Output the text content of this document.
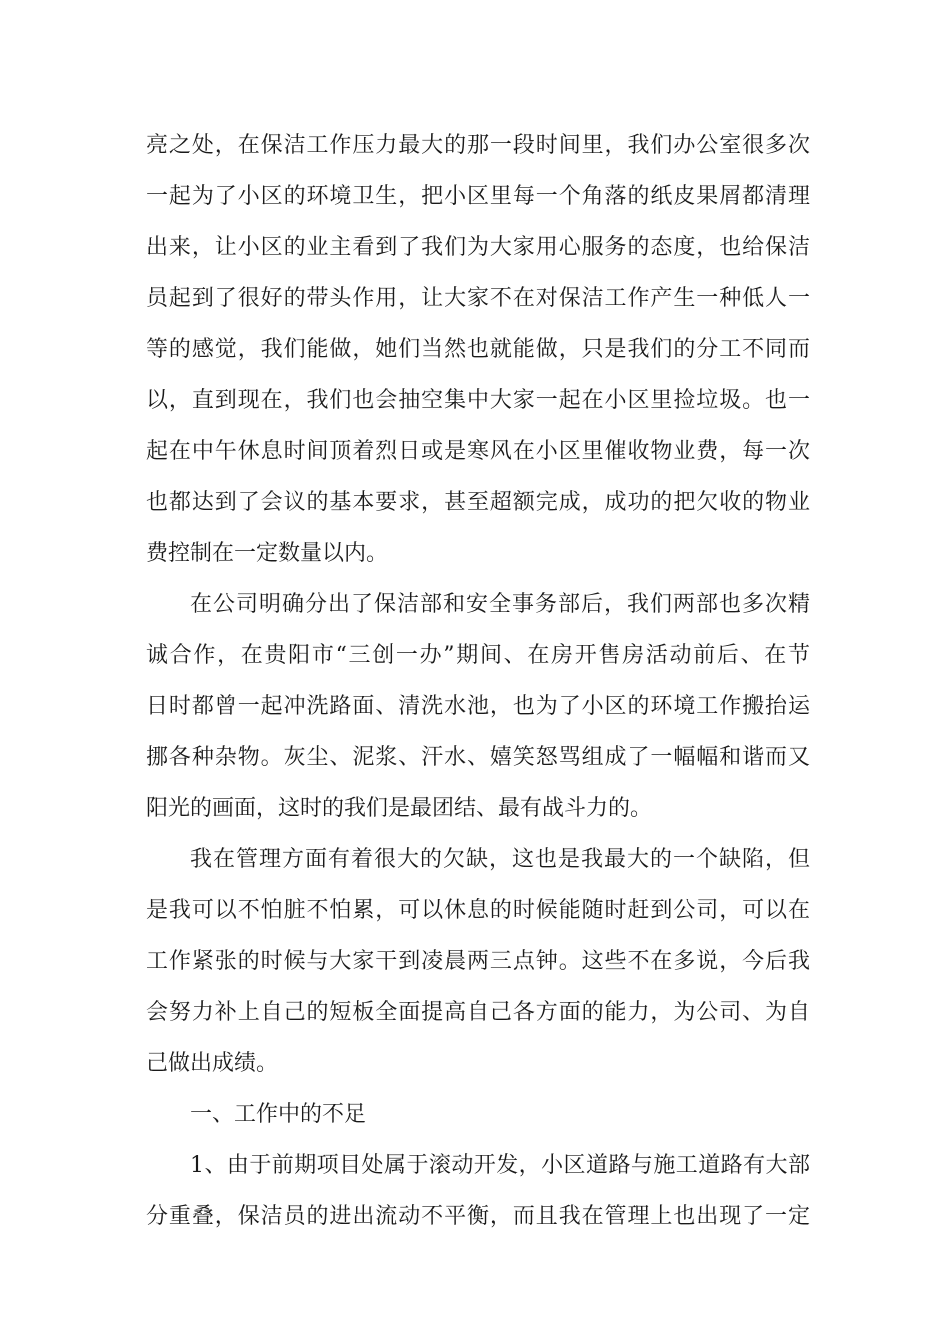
亮之处，在保洁工作压力最大的那一段时间里，我们办公室很多次
一起为了小区的环境卫生，把小区里每一个角落的纸皮果屑都清理
出来，让小区的业主看到了我们为大家用心服务的态度，也给保洁
员起到了很好的带头作用，让大家不在对保洁工作产生一种低人一
等的感觉，我们能做，她们当然也就能做，只是我们的分工不同而
以，直到现在，我们也会抽空集中大家一起在小区里捡垃圾。也一
起在中午休息时间顶着烈日或是寒风在小区里催收物业费，每一次
也都达到了会议的基本要求，甚至超额完成，成功的把欠收的物业
费控制在一定数量以内。
在公司明确分出了保洁部和安全事务部后，我们两部也多次精
诚合作，在贵阳市“三创一办”期间、在房开售房活动前后、在节
日时都曾一起冲洗路面、清洗水池，也为了小区的环境工作搬抬运
挪各种杂物。灰尘、泥浆、汗水、嬉笑怒骂组成了一幅幅和谐而又
阳光的画面，这时的我们是最团结、最有战斗力的。
我在管理方面有着很大的欠缺，这也是我最大的一个缺陷，但
是我可以不怕脏不怕累，可以休息的时候能随时赶到公司，可以在
工作紧张的时候与大家干到凌晨两三点钟。这些不在多说，今后我
会努力补上自己的短板全面提高自己各方面的能力，为公司、为自
己做出成绩。
一、工作中的不足
1、由于前期项目处属于滚动开发，小区道路与施工道路有大部
分重叠，保洁员的进出流动不平衡，而且我在管理上也出现了一定
